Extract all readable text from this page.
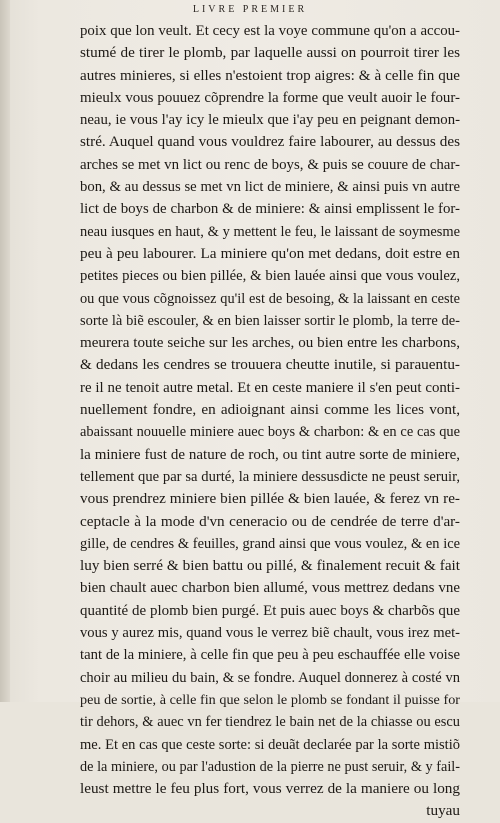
LIVRE PREMIER
poix que lon veult. Et cecy est la voye commune qu'on a accou-
stumé de tirer le plomb, par laquelle aussi on pourroit tirer les
autres minieres, si elles n'estoient trop aigres: & à celle fin que
mieulx vous pouuez cõprendre la forme que veult auoir le four-
neau, ie vous l'ay icy le mieulx que i'ay peu en peignant demon-
stré. Auquel quand vous vouldrez faire labourer, au dessus des
arches se met vn lict ou renc de boys, & puis se couure de char-
bon, & au dessus se met vn lict de miniere, & ainsi puis vn autre
lict de boys de charbon & de miniere: & ainsi emplissent le for-
neau iusques en haut, & y mettent le feu, le laissant de soymesme
peu à peu labourer. La miniere qu'on met dedans, doit estre en
petites pieces ou bien pillée, & bien lauée ainsi que vous voulez,
ou que vous cõgnoissez qu'il est de besoing, & la laissant en ceste
sorte là biẽ escouler, & en bien laisser sortir le plomb, la terre de-
meurera toute seiche sur les arches, ou bien entre les charbons,
& dedans les cendres se trouuera cheutte inutile, si parauentu-
re il ne tenoit autre metal. Et en ceste maniere il s'en peut conti-
nuellement fondre, en adioignant ainsi comme les lices vont,
abaissant nouuelle miniere auec boys & charbon: & en ce cas que
la miniere fust de nature de roch, ou tint autre sorte de miniere,
tellement que par sa durté, la miniere dessusdicte ne peust seruir,
vous prendrez miniere bien pillée & bien lauée, & ferez vn re-
ceptacle à la mode d'vn ceneracio ou de cendrée de terre d'ar-
gille, de cendres & feuilles, grand ainsi que vous voulez, & en ice
luy bien serré & bien battu ou pillé, & finalement recuit & fait
bien chault auec charbon bien allumé, vous mettrez dedans vne
quantité de plomb bien purgé. Et puis auec boys & charbõs que
vous y aurez mis, quand vous le verrez biẽ chault, vous irez met-
tant de la miniere, à celle fin que peu à peu eschauffée elle voise
choir au milieu du bain, & se fondre. Auquel donnerez à costé vn
peu de sortie, à celle fin que selon le plomb se fondant il puisse for
tir dehors, & auec vn fer tiendrez le bain net de la chiasse ou escu
me. Et en cas que ceste sorte: si deuãt declarée par la sorte mistiõ
de la miniere, ou par l'adustion de la pierre ne pust seruir, & y fail-
leust mettre le feu plus fort, vous verrez de la maniere ou long
tuyau
